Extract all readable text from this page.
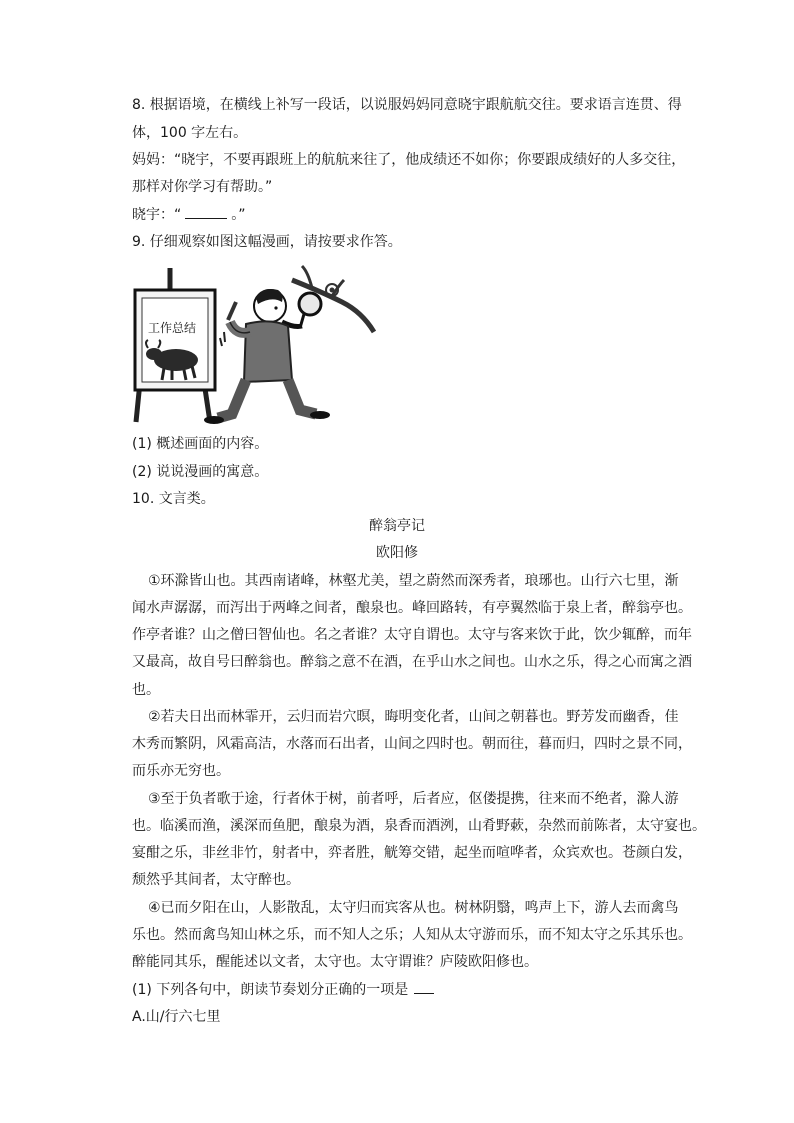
8. 根据语境，在横线上补写一段话，以说服妈妈同意晓宇跟航航交往。要求语言连贯、得
体，100 字左右。
妈妈：“晓宇，不要再跟班上的航航来往了，他成绩还不如你；你要跟成绩好的人多交往，
那样对你学习有帮助。”
晓宇：“	。”
9. 仔细观察如图这幅漫画，请按要求作答。
工作总结
(1) 概述画面的内容。
(2) 说说漫画的寓意。
10. 文言类。
醉翁亭记
欧阳修
①环滁皆山也。其西南诸峰，林壑尤美，望之蔚然而深秀者，琅琊也。山行六七里，渐
闻水声潺潺，而泻出于两峰之间者，酿泉也。峰回路转，有亭翼然临于泉上者，醉翁亭也。
作亭者谁？山之僧曰智仙也。名之者谁？太守自谓也。太守与客来饮于此，饮少辄醉，而年
又最高，故自号曰醉翁也。醉翁之意不在酒，在乎山水之间也。山水之乐，得之心而寓之酒
也。
②若夫日出而林霏开，云归而岩穴暝，晦明变化者，山间之朝暮也。野芳发而幽香，佳
木秀而繁阴，风霜高洁，水落而石出者，山间之四时也。朝而往，暮而归，四时之景不同，
而乐亦无穷也。
③至于负者歌于途，行者休于树，前者呼，后者应，伛偻提携，往来而不绝者，滁人游
也。临溪而渔，溪深而鱼肥，酿泉为酒，泉香而酒洌，山肴野蔌，杂然而前陈者，太守宴也。
宴酣之乐，非丝非竹，射者中，弈者胜，觥筹交错，起坐而喧哗者，众宾欢也。苍颜白发，
颓然乎其间者，太守醉也。
④已而夕阳在山，人影散乱，太守归而宾客从也。树林阴翳，鸣声上下，游人去而禽鸟
乐也。然而禽鸟知山林之乐，而不知人之乐；人知从太守游而乐，而不知太守之乐其乐也。
醉能同其乐，醒能述以文者，太守也。太守谓谁？庐陵欧阳修也。
(1) 下列各句中，朗读节奏划分正确的一项是
A.山/行六七里
